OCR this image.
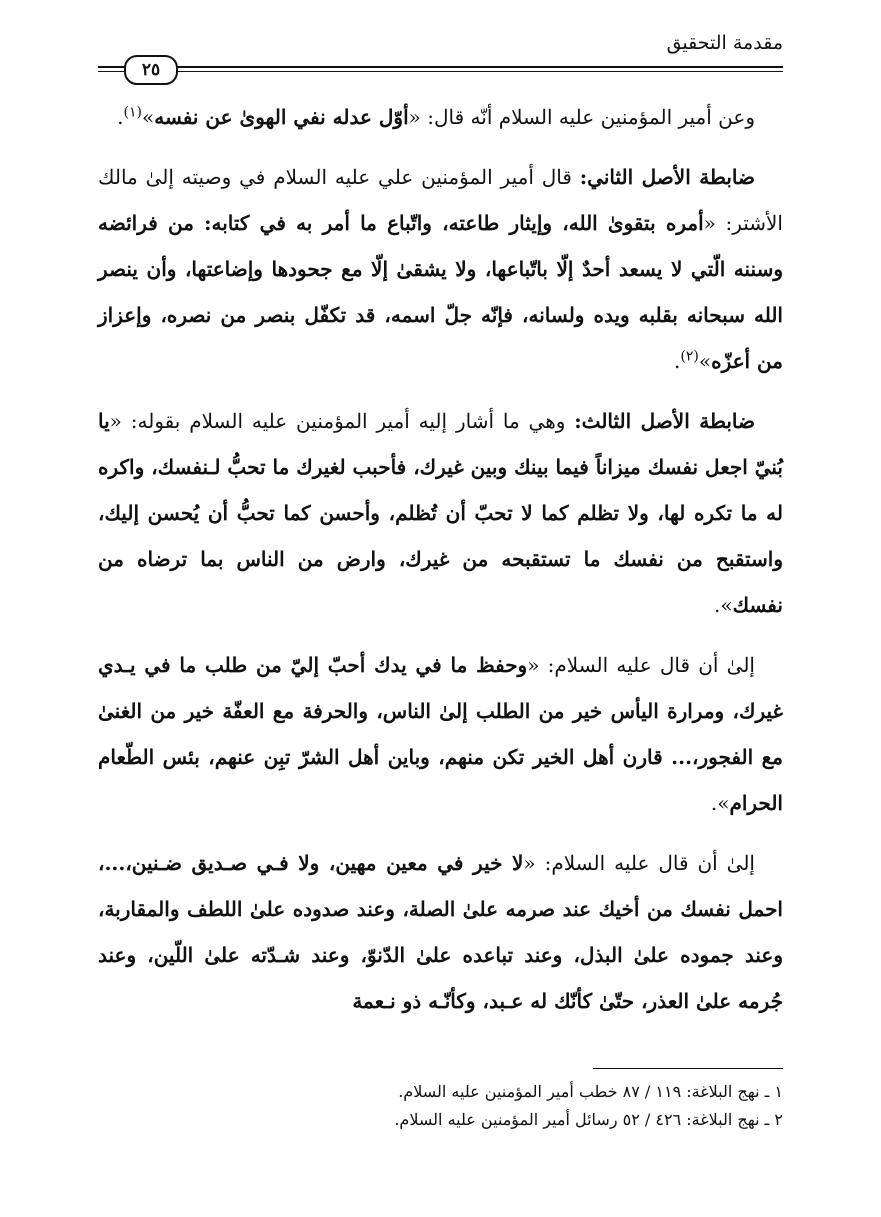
مقدمة التحقيق
٢٥

وعن أمير المؤمنين عليه السلام أنّه قال: «أوّل عدله نفي الهوىٰ عن نفسه»$^{(١)}$.

ضابطة الأصل الثاني: قال أمير المؤمنين علي عليه السلام في وصيته إلىٰ مالك الأشتر: «أمره بتقوىٰ الله، وإيثار طاعته، واتّباع ما أمر به في كتابه: من فرائضه وسننه الّتي لا يسعد أحدٌ إلّا باتّباعها، ولا يشقىٰ إلّا مع جحودها وإضاعتها، وأن ينصر الله سبحانه بقلبه ويده ولسانه، فإنّه جلّ اسمه، قد تكفّل بنصر من نصره، وإعزاز من أعزّه»$^{(٢)}$.

ضابطة الأصل الثالث: وهي ما أشار إليه أمير المؤمنين عليه السلام بقوله: «يا بُنيّ اجعل نفسك ميزاناً فيما بينك وبين غيرك، فأحبب لغيرك ما تحبُّ لـنفسك، واكره له ما تكره لها، ولا تظلم كما لا تحبّ أن تُظلم، وأحسن كما تحبُّ أن يُحسن إليك، واستقبح من نفسك ما تستقبحه من غيرك، وارض من الناس بما ترضاه من نفسك».

إلىٰ أن قال عليه السلام: «وحفظ ما في يدك أحبّ إليّ من طلب ما في يـدي غيرك، ومرارة اليأس خير من الطلب إلىٰ الناس، والحرفة مع العفّة خير من الغنىٰ مع الفجور،... قارن أهل الخير تكن منهم، وباين أهل الشرّ تبِن عنهم، بئس الطّعام الحرام».

إلىٰ أن قال عليه السلام: «لا خير في معين مهين، ولا فـي صـديق ضـنين،...، احمل نفسك من أخيك عند صرمه علىٰ الصلة، وعند صدوده علىٰ اللطف والمقاربة، وعند جموده علىٰ البذل، وعند تباعده علىٰ الدّنوّ، وعند شـدّته علىٰ اللّين، وعند جُرمه علىٰ العذر، حتّىٰ كأنّك له عـبد، وكأنّـه ذو نـعمة

١ ـ نهج البلاغة: ١١٩ / ٨٧ خطب أمير المؤمنين عليه السلام.

٢ ـ نهج البلاغة: ٤٢٦ / ٥٢ رسائل أمير المؤمنين عليه السلام.
